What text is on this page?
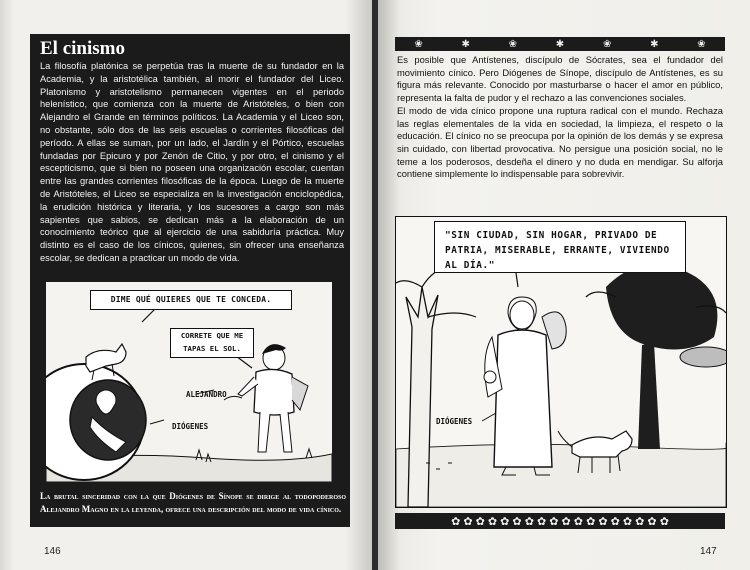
El cinismo

La filosofía platónica se perpetúa tras la muerte de su fundador en la Academia, y la aristotélica también, al morir el fundador del Liceo. Platonismo y aristotelismo permanecen vigentes en el periodo helenístico, que comienza con la muerte de Aristóteles, o bien con Alejandro el Grande en términos políticos. La Academia y el Liceo son, no obstante, sólo dos de las seis escuelas o corrientes filosóficas del período. A ellas se suman, por un lado, el Jardín y el Pórtico, escuelas fundadas por Epicuro y por Zenón de Citio, y por otro, el cinismo y el escepticismo, que si bien no poseen una organización escolar, cuentan entre las grandes corrientes filosóficas de la época. Luego de la muerte de Aristóteles, el Liceo se especializa en la investigación enciclopédica, la erudición histórica y literaria, y los sucesores a cargo son más sapientes que sabios, se dedican más a la elaboración de un conocimiento teórico que al ejercicio de una sabiduría práctica. Muy distinto es el caso de los cínicos, quienes, sin ofrecer una enseñanza escolar, se dedican a practicar un modo de vida.

DIME QUÉ QUIERES QUE TE CONCEDA.
CORRETE QUE ME TAPAS EL SOL.
ALEJANDRO
DIÓGENES

La brutal sinceridad con la que Diógenes de Sínope se dirige al todopoderoso Alejandro Magno en la leyenda, ofrece una descripción del modo de vida cínico.

146
❀	✱	❀	✱	❀	✱	❀

Es posible que Antístenes, discípulo de Sócrates, sea el fundador del movimiento cínico. Pero Diógenes de Sínope, discípulo de Antístenes, es su figura más relevante. Conocido por masturbarse o hacer el amor en público, representa la falta de pudor y el rechazo a las convenciones sociales.

El modo de vida cínico propone una ruptura radical con el mundo. Rechaza las reglas elementales de la vida en sociedad, la limpieza, el respeto o la educación. El cínico no se preocupa por la opinión de los demás y se expresa sin cuidado, con libertad provocativa. No persigue una posición social, no le teme a los poderosos, desdeña el dinero y no duda en mendigar. Su alforja contiene simplemente lo indispensable para sobrevivir.

"SIN CIUDAD, SIN HOGAR, PRIVADO DE PATRIA, MISERABLE, ERRANTE, VIVIENDO AL DÍA."
DIÓGENES
✿ ✿ ✿ ✿ ✿ ✿ ✿ ✿ ✿ ✿ ✿ ✿ ✿ ✿ ✿ ✿ ✿ ✿
147
